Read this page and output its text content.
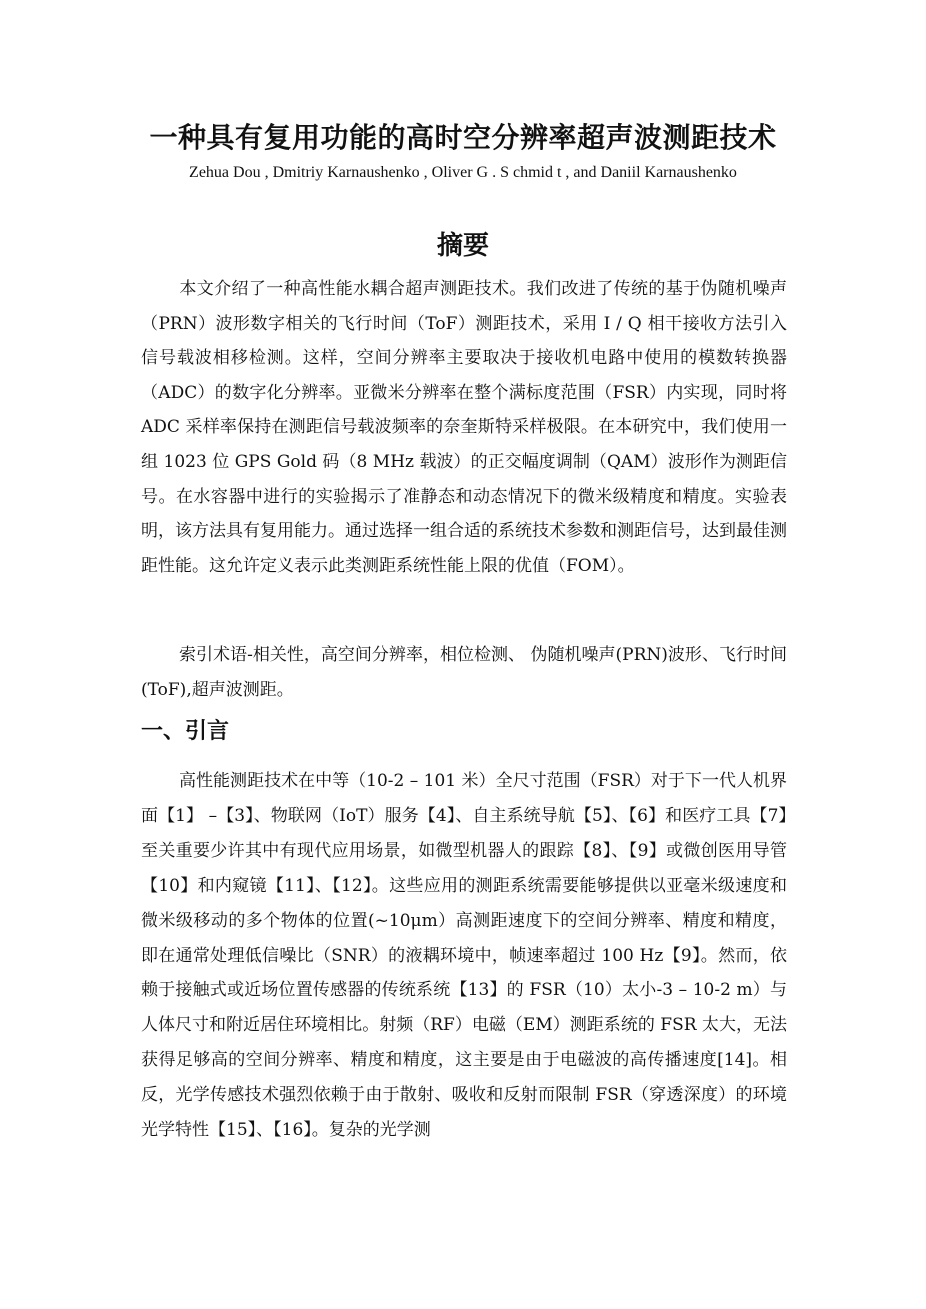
一种具有复用功能的高时空分辨率超声波测距技术
Zehua Dou , Dmitriy Karnaushenko , Oliver G . S chmid t , and Daniil Karnaushenko
摘要

本文介绍了一种高性能水耦合超声测距技术。我们改进了传统的基于伪随机噪声（PRN）波形数字相关的飞行时间（ToF）测距技术，采用 I / Q 相干接收方法引入信号载波相移检测。这样，空间分辨率主要取决于接收机电路中使用的模数转换器（ADC）的数字化分辨率。亚微米分辨率在整个满标度范围（FSR）内实现，同时将 ADC 采样率保持在测距信号载波频率的奈奎斯特采样极限。在本研究中，我们使用一组 1023 位 GPS Gold 码（8 MHz 载波）的正交幅度调制（QAM）波形作为测距信号。在水容器中进行的实验揭示了准静态和动态情况下的微米级精度和精度。实验表明，该方法具有复用能力。通过选择一组合适的系统技术参数和测距信号，达到最佳测距性能。这允许定义表示此类测距系统性能上限的优值（FOM）。

索引术语-相关性，高空间分辨率，相位检测、 伪随机噪声(PRN)波形、飞行时间 (ToF),超声波测距。

一、引言

高性能测距技术在中等（10-2 – 101 米）全尺寸范围（FSR）对于下一代人机界面【1】 –【3】、物联网（IoT）服务【4】、自主系统导航【5】、【6】和医疗工具【7】至关重要少许其中有现代应用场景，如微型机器人的跟踪【8】、【9】或微创医用导管【10】和内窥镜【11】、【12】。这些应用的测距系统需要能够提供以亚毫米级速度和微米级移动的多个物体的位置(~10μm）高测距速度下的空间分辨率、精度和精度，即在通常处理低信噪比（SNR）的液耦环境中，帧速率超过 100 Hz【9】。然而，依赖于接触式或近场位置传感器的传统系统【13】的 FSR（10）太小-3 – 10-2 m）与人体尺寸和附近居住环境相比。射频（RF）电磁（EM）测距系统的 FSR 太大，无法获得足够高的空间分辨率、精度和精度，这主要是由于电磁波的高传播速度[14]。相反，光学传感技术强烈依赖于由于散射、吸收和反射而限制 FSR（穿透深度）的环境光学特性【15】、【16】。复杂的光学测
